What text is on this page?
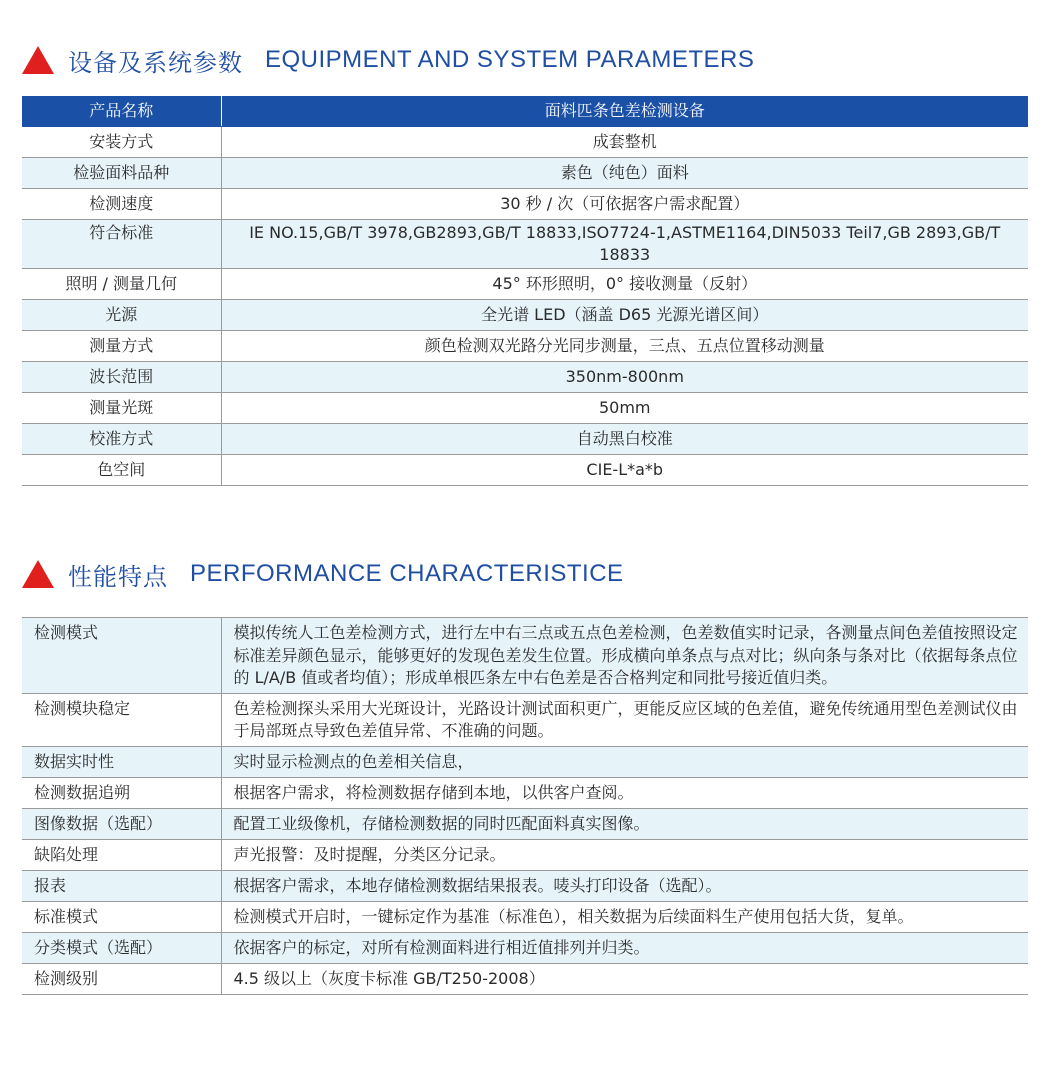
设备及系统参数 EQUIPMENT AND SYSTEM PARAMETERS
产品名称	面料匹条色差检测设备
安装方式	成套整机
检验面料品种	素色（纯色）面料
检测速度	30 秒 / 次（可依据客户需求配置）
符合标准	IE NO.15,GB/T 3978,GB2893,GB/T 18833,ISO7724-1,ASTME1164,DIN5033 Teil7,GB 2893,GB/T 18833
照明 / 测量几何	45° 环形照明，0° 接收测量（反射）
光源	全光谱 LED（涵盖 D65 光源光谱区间）
测量方式	颜色检测双光路分光同步测量，三点、五点位置移动测量
波长范围	350nm-800nm
测量光斑	50mm
校准方式	自动黑白校准
色空间	CIE-L*a*b
性能特点 PERFORMANCE CHARACTERISTICE
检测模式	模拟传统人工色差检测方式，进行左中右三点或五点色差检测，色差数值实时记录，各测量点间色差值按照设定标准差异颜色显示，能够更好的发现色差发生位置。形成横向单条点与点对比；纵向条与条对比（依据每条点位的 L/A/B 值或者均值）；形成单根匹条左中右色差是否合格判定和同批号接近值归类。
检测模块稳定	色差检测探头采用大光斑设计，光路设计测试面积更广，更能反应区域的色差值，避免传统通用型色差测试仪由于局部斑点导致色差值异常、不准确的问题。
数据实时性	实时显示检测点的色差相关信息，
检测数据追朔	根据客户需求，将检测数据存储到本地，以供客户查阅。
图像数据（选配）	配置工业级像机，存储检测数据的同时匹配面料真实图像。
缺陷处理	声光报警：及时提醒，分类区分记录。
报表	根据客户需求，本地存储检测数据结果报表。唛头打印设备（选配）。
标准模式	检测模式开启时，一键标定作为基准（标准色），相关数据为后续面料生产使用包括大货，复单。
分类模式（选配）	依据客户的标定，对所有检测面料进行相近值排列并归类。
检测级别	4.5 级以上（灰度卡标准 GB/T250-2008）
